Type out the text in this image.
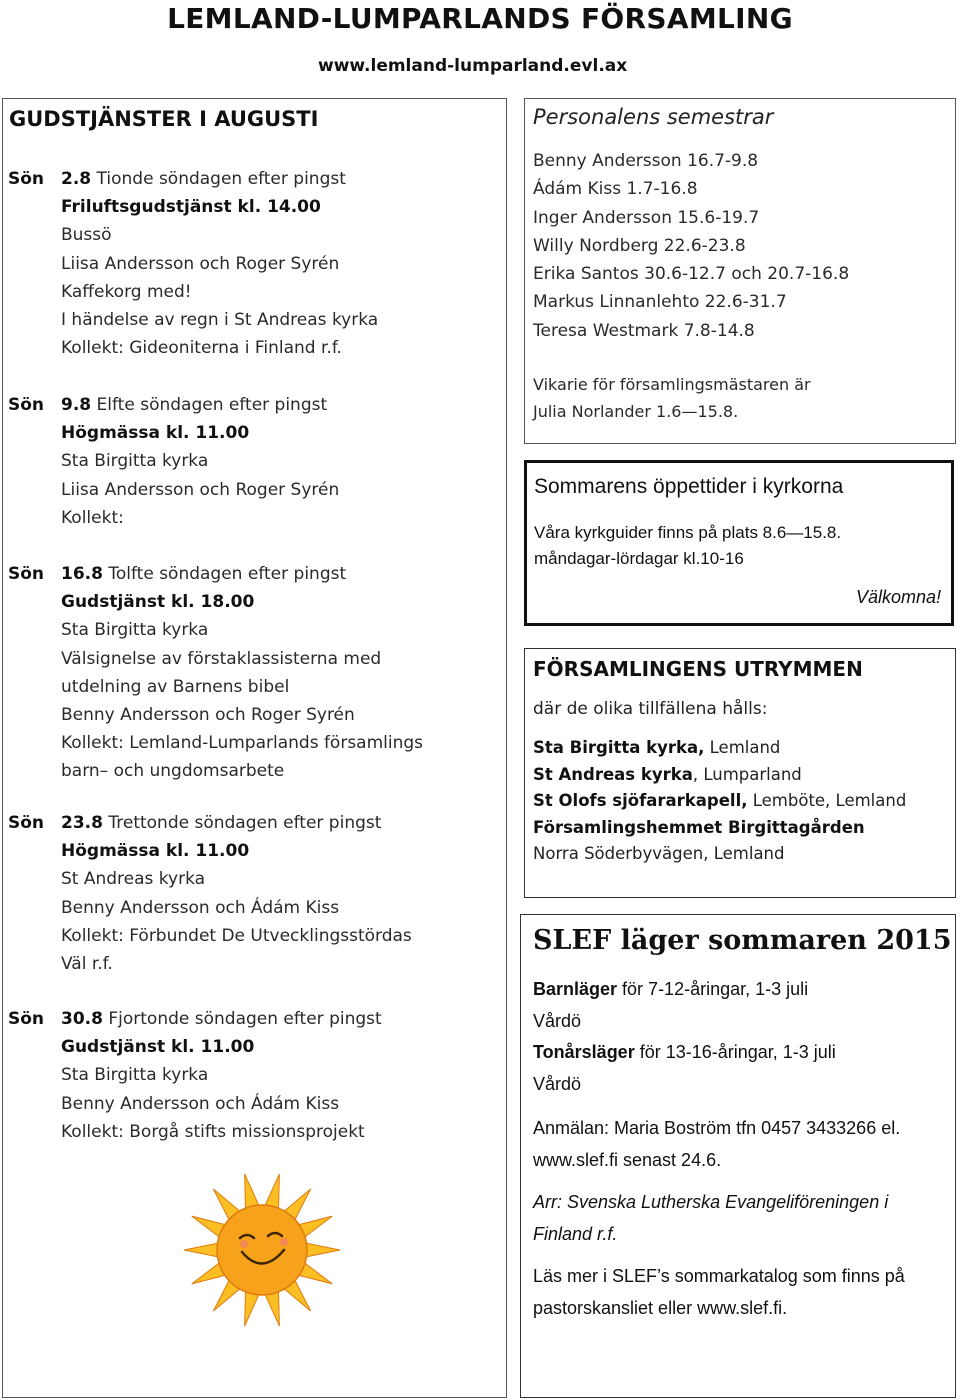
LEMLAND-LUMPARLANDS FÖRSAMLING
www.lemland-lumparland.evl.ax
GUDSTJÄNSTER I AUGUSTI
Sön 2.8 Tionde söndagen efter pingst
Friluftsgudstjänst kl. 14.00
Bussö
Liisa Andersson och Roger Syrén
Kaffekorg med!
I händelse av regn i St Andreas kyrka
Kollekt: Gideoniterna i Finland r.f.
Sön 9.8 Elfte söndagen efter pingst
Högmässa kl. 11.00
Sta Birgitta kyrka
Liisa Andersson och Roger Syrén
Kollekt:
Sön 16.8 Tolfte söndagen efter pingst
Gudstjänst kl. 18.00
Sta Birgitta kyrka
Välsignelse av förstaklassisterna med
utdelning av Barnens bibel
Benny Andersson och Roger Syrén
Kollekt: Lemland-Lumparlands församlings
barn– och ungdomsarbete
Sön 23.8 Trettonde söndagen efter pingst
Högmässa kl. 11.00
St Andreas kyrka
Benny Andersson och Ádám Kiss
Kollekt: Förbundet De Utvecklingsstördas
Väl r.f.
Sön 30.8 Fjortonde söndagen efter pingst
Gudstjänst kl. 11.00
Sta Birgitta kyrka
Benny Andersson och Ádám Kiss
Kollekt: Borgå stifts missionsprojekt
Personalens semestrar
Benny Andersson 16.7-9.8
Ádám Kiss 1.7-16.8
Inger Andersson 15.6-19.7
Willy Nordberg 22.6-23.8
Erika Santos 30.6-12.7 och 20.7-16.8
Markus Linnanlehto 22.6-31.7
Teresa Westmark 7.8-14.8
Vikarie för församlingsmästaren är
Julia Norlander 1.6—15.8.
Sommarens öppettider i kyrkorna
Våra kyrkguider finns på plats 8.6—15.8.
måndagar-lördagar kl.10-16
Välkomna!
FÖRSAMLINGENS UTRYMMEN
där de olika tillfällena hålls:
Sta Birgitta kyrka, Lemland
St Andreas kyrka, Lumparland
St Olofs sjöfararkapell, Lemböte, Lemland
Församlingshemmet Birgittagården
Norra Söderbyvägen, Lemland
SLEF läger sommaren 2015
Barnläger för 7-12-åringar, 1-3 juli
Vårdö
Tonårsläger för 13-16-åringar, 1-3 juli
Vårdö
Anmälan: Maria Boström tfn 0457 3433266 el.
www.slef.fi senast 24.6.
Arr: Svenska Lutherska Evangeliföreningen i
Finland r.f.
Läs mer i SLEF’s sommarkatalog som finns på
pastorskansliet eller www.slef.fi.
